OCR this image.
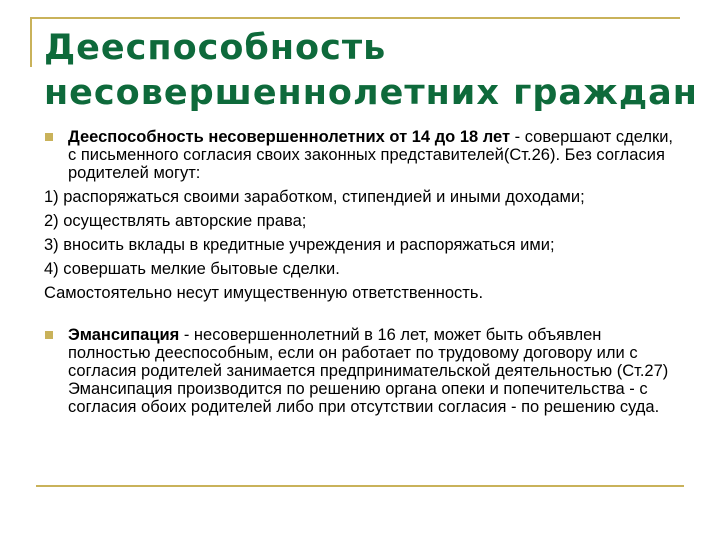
Дееспособность несовершеннолетних граждан
Дееспособность несовершеннолетних от 14 до 18 лет - совершают сделки, с письменного согласия своих законных представителей(Ст.26). Без согласия родителей могут:
1) распоряжаться своими заработком, стипендией и иными доходами;
2) осуществлять авторские права;
3) вносить вклады в кредитные учреждения и распоряжаться ими;
4) совершать мелкие бытовые сделки.
Самостоятельно несут имущественную ответственность.
Эмансипация - несовершеннолетний в 16 лет, может быть объявлен полностью дееспособным, если он работает по трудовому договору или с согласия родителей занимается предпринимательской деятельностью (Ст.27) Эмансипация производится по решению органа опеки и попечительства - с согласия обоих родителей либо при отсутствии согласия - по решению суда.
